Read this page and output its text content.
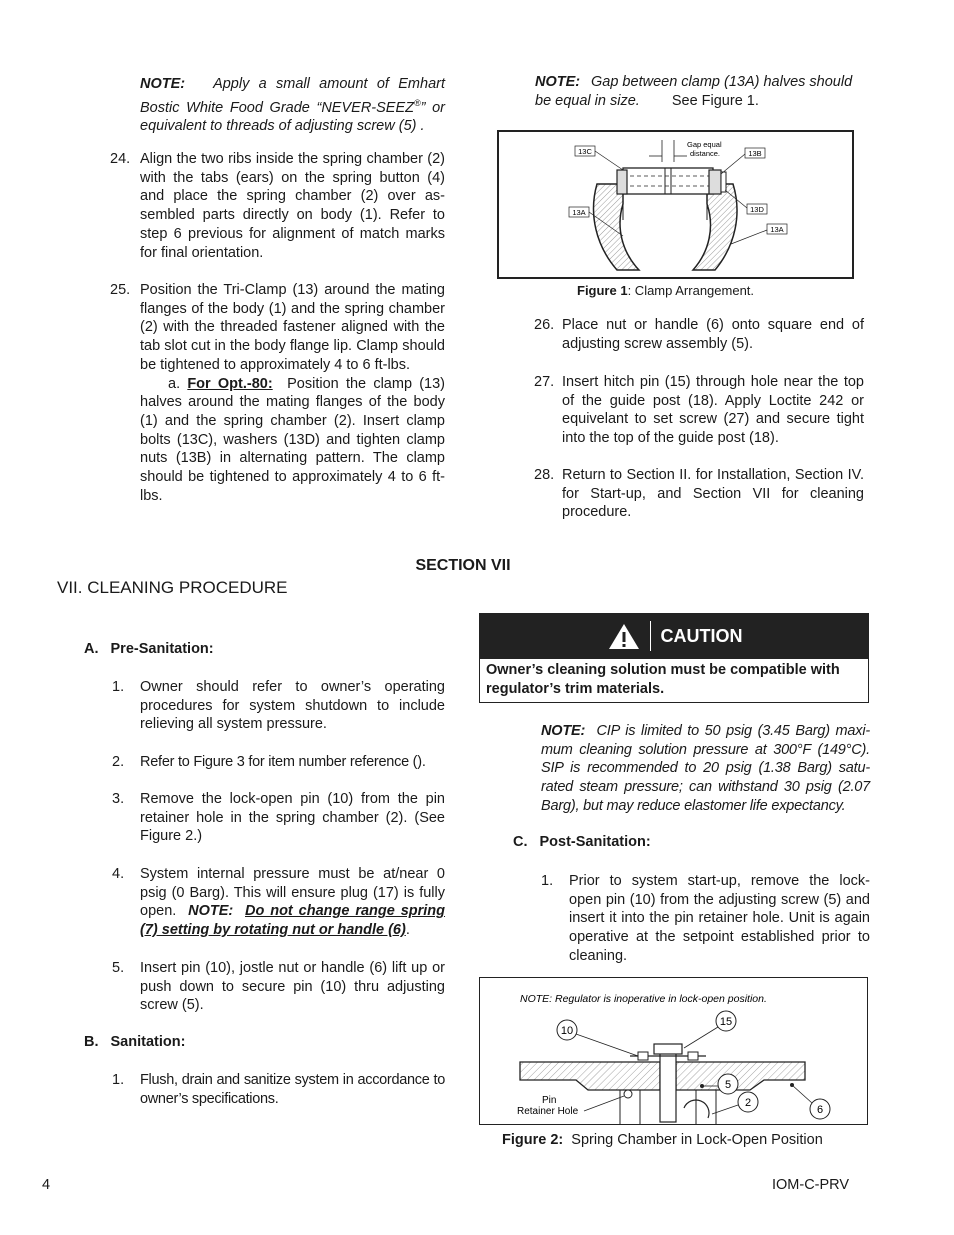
NOTE: Apply a small amount of Emhart Bostic White Food Grade “NEVER-SEEZ®” or equivalent to threads of adjusting screw (5) .

24. Align the two ribs inside the spring chamber (2) with the tabs (ears) on the spring button (4) and place the spring chamber (2) over as- sembled parts directly on body (1). Refer to step 6 previous for alignment of match marks for final orientation.
25. Position the Tri-Clamp (13) around the mating flanges of the body (1) and the spring chamber (2) with the threaded fastener aligned with the tab slot cut in the body flange lip. Clamp should be tightened to approximately 4 to 6 ft-lbs.

a. For Opt.-80: Position the clamp (13) halves around the mating flanges of the body (1) and the spring chamber (2). Insert clamp bolts (13C), washers (13D) and tighten clamp nuts (13B) in alternating pattern. The clamp should be tightened to approximately 4 to 6 ft-lbs.

NOTE: Gap between clamp (13A) halves should be equal in size.	See Figure 1.

13C	13B
13A	13D
13A
Gap equal
distance.
Figure 1: Clamp Arrangement.
26. Place nut or handle (6) onto square end of adjusting screw assembly (5).
27. Insert hitch pin (15) through hole near the top of the guide post (18). Apply Loctite 242 or equivelant to set screw (27) and secure tight into the top of the guide post (18).
28. Return to Section II. for Installation, Section IV. for Start-up, and Section VII for cleaning procedure.
SECTION VII
VII. CLEANING PROCEDURE
A. Pre-Sanitation:
1.	Owner should refer to owner’s operating procedures for system shutdown to include relieving all system pressure.
2.	Refer to Figure 3 for item number reference ().
3.	Remove the lock-open pin (10) from the pin retainer hole in the spring chamber (2). (See Figure 2.)
4.	System internal pressure must be at/near 0 psig (0 Barg). This will ensure plug (17) is fully open. NOTE: Do not change range spring (7) setting by rotating nut or handle (6).
5.	Insert pin (10), jostle nut or handle (6) lift up or push down to secure pin (10) thru adjusting screw (5).
B. Sanitation:
1.	Flush, drain and sanitize system in accordance to owner’s specifications.
CAUTION
Owner’s cleaning solution must be compatible with regulator’s trim materials.

NOTE: CIP is limited to 50 psig (3.45 Barg) maxi- mum cleaning solution pressure at 300°F (149°C). SIP is recommended to 20 psig (1.38 Barg) satu- rated steam pressure; can withstand 30 psig (2.07 Barg), but may reduce elastomer life expectancy.

C. Post-Sanitation:
1.	Prior to system start-up, remove the lock- open pin (10) from the adjusting screw (5) and insert it into the pin retainer hole. Unit is again operative at the setpoint established prior to cleaning.
NOTE: Regulator is inoperative in lock-open position.
10
15
5
2
6
Pin
Retainer Hole
Figure 2: Spring Chamber in Lock-Open Position
4	IOM-C-PRV
